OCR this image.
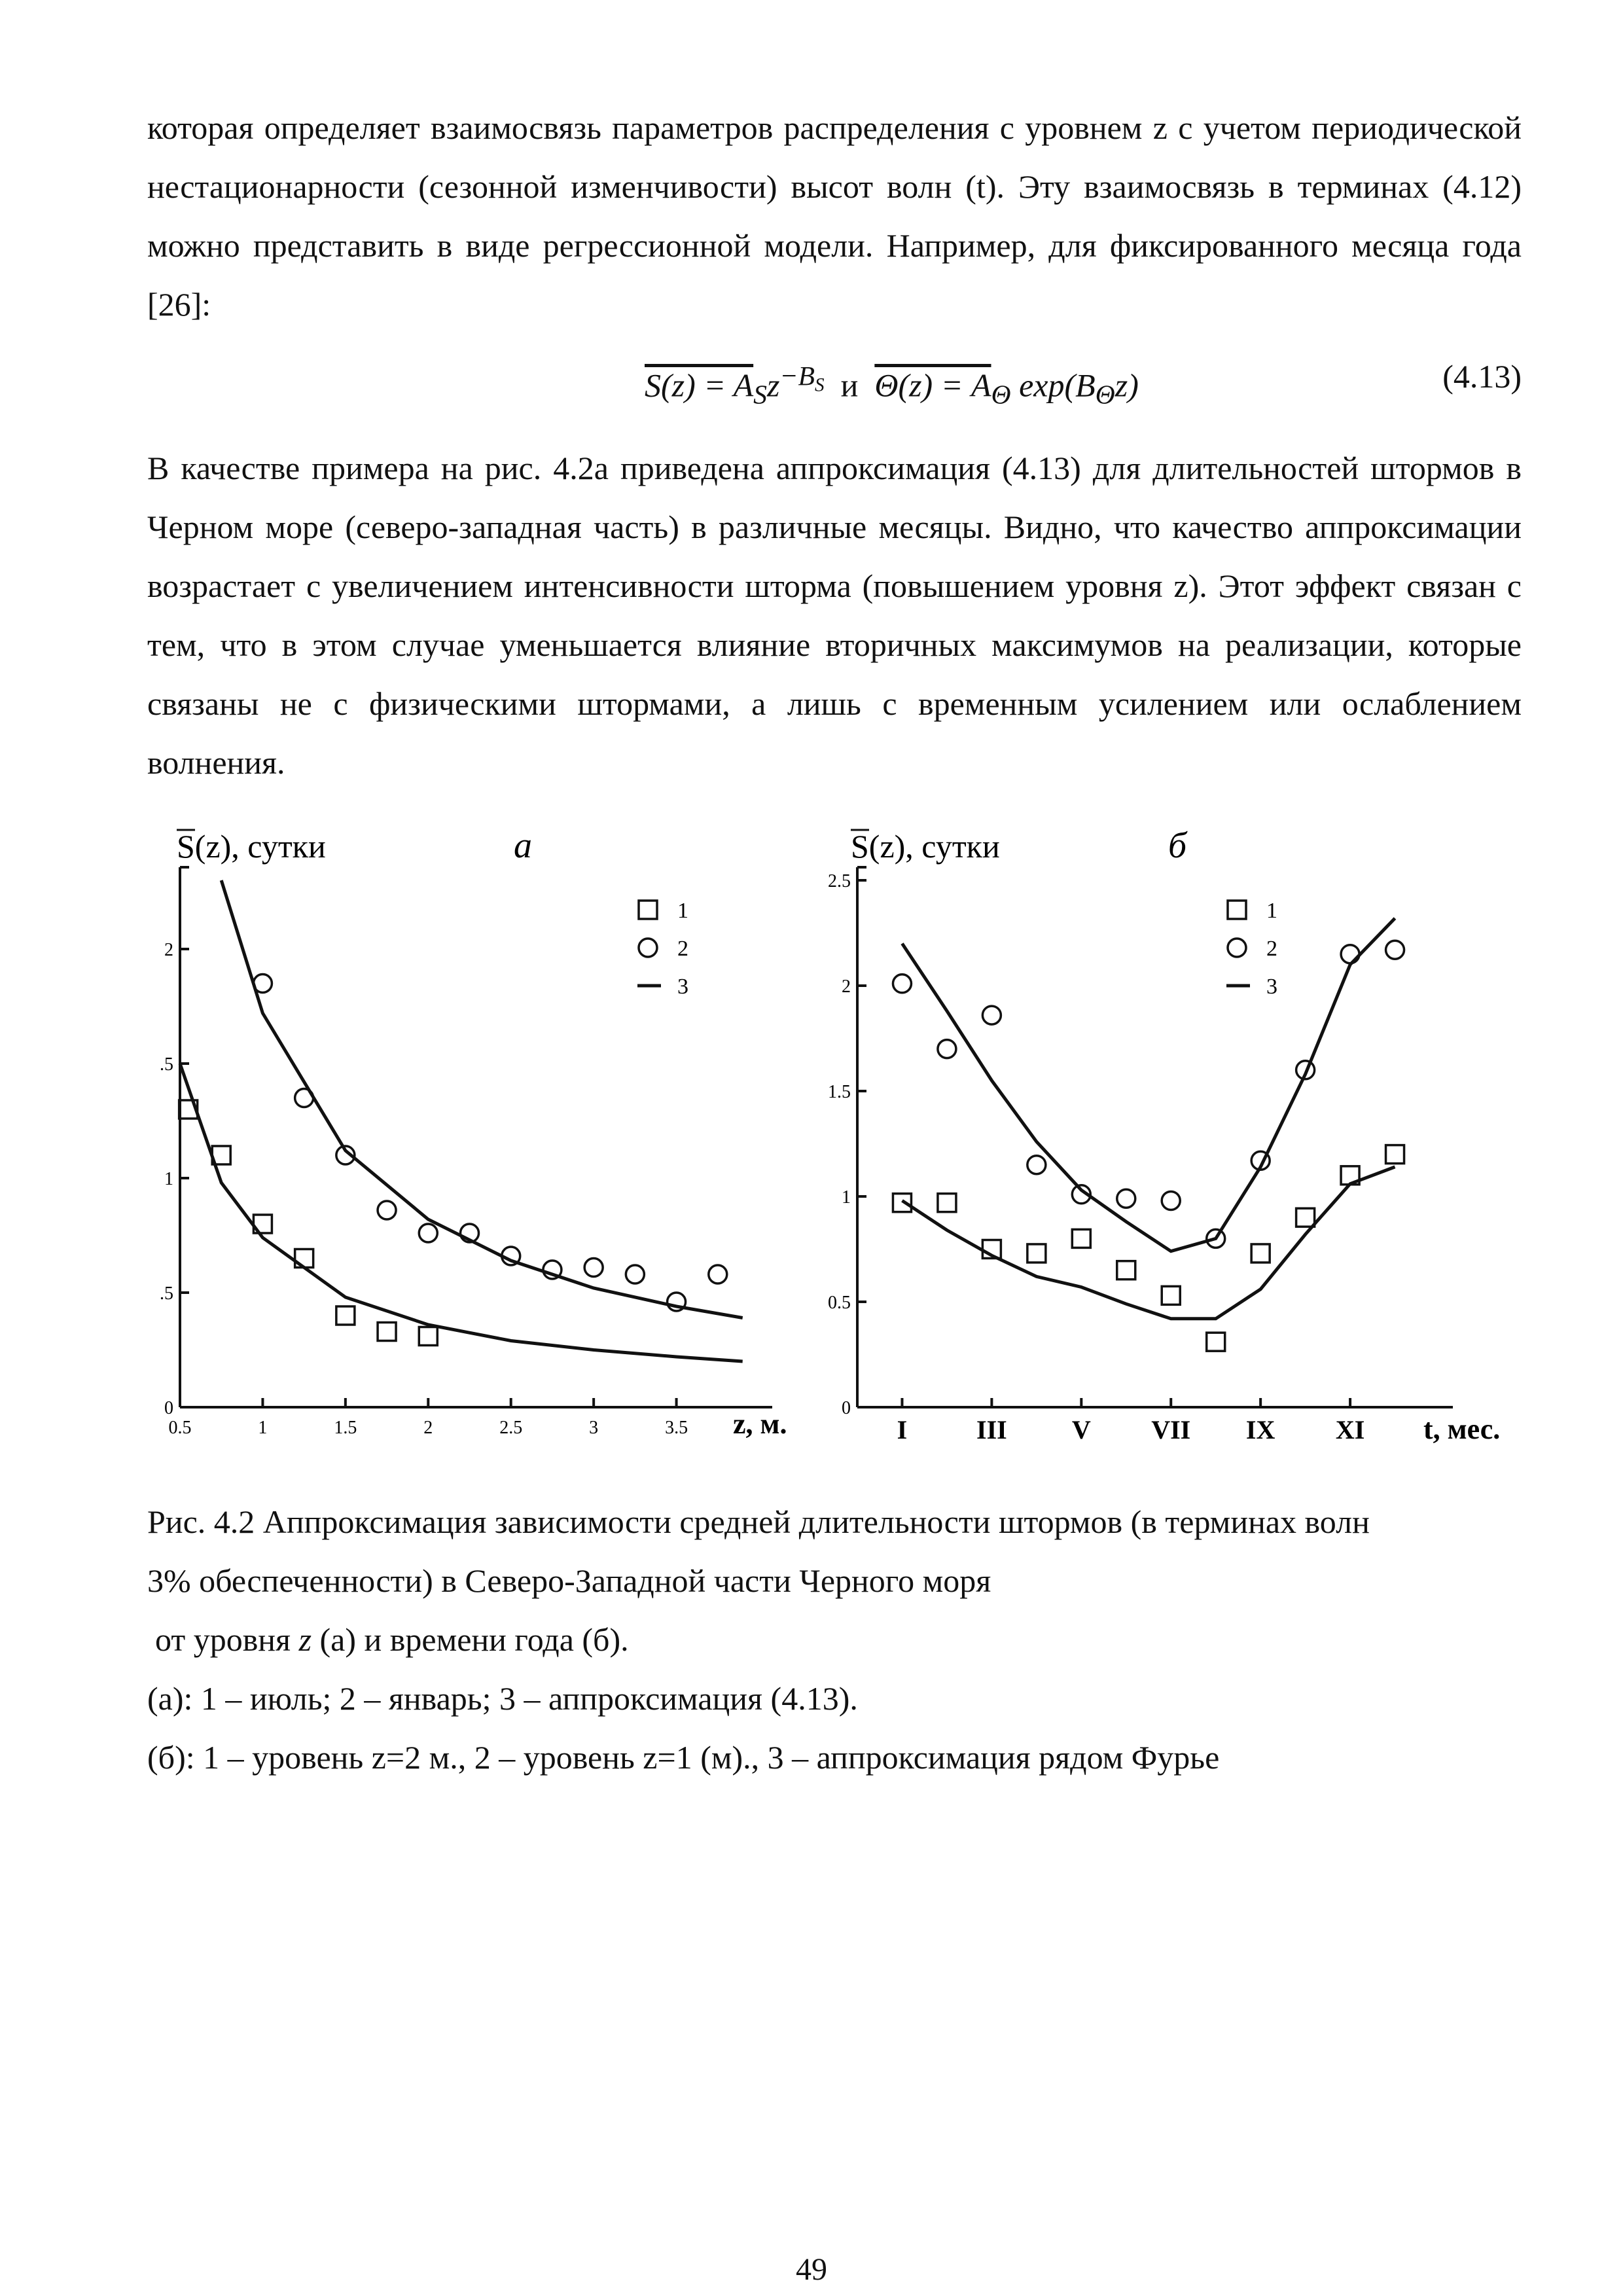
которая определяет взаимосвязь параметров распределения с уровнем z с учетом периодической нестационарности (сезонной изменчивости) высот волн (t). Эту взаимосвязь в терминах (4.12) можно представить в виде регрессионной модели. Например, для фиксированного месяца года [26]:

$S(z) = A_Sz^{-B_S}$ и $\Theta(z) = A_\Theta$ $\exp(B_\Theta z)$	(4.13)

В качестве примера на рис. 4.2а приведена аппроксимация (4.13) для длительностей штормов в Черном море (северо-западная часть) в различные месяцы. Видно, что качество аппроксимации возрастает с увеличением интенсивности шторма (повышением уровня z). Этот эффект связан с тем, что в этом случае уменьшается влияние вторичных максимумов на реализации, которые связаны не с физическими штормами, а лишь с временным усилением или ослаблением волнения.

0
.5
1
.5
2
0.5	1	1.5	2	2.5	3	3.5
S(z), сутки
z, м.
а
1
2
3
0
0.5
1
1.5
2
2.5
I	III V VII IX XI
S(z), сутки
t, мес.
б
1
2
3
Рис. 4.2 Аппроксимация зависимости средней длительности штормов (в терминах волн
3% обеспеченности) в Северо-Западной части Черного моря
от уровня z (а) и времени года (б).
(а): 1 – июль; 2 – январь; 3 – аппроксимация (4.13).
(б): 1 – уровень z=2 м., 2 – уровень z=1 (м)., 3 – аппроксимация рядом Фурье
49
